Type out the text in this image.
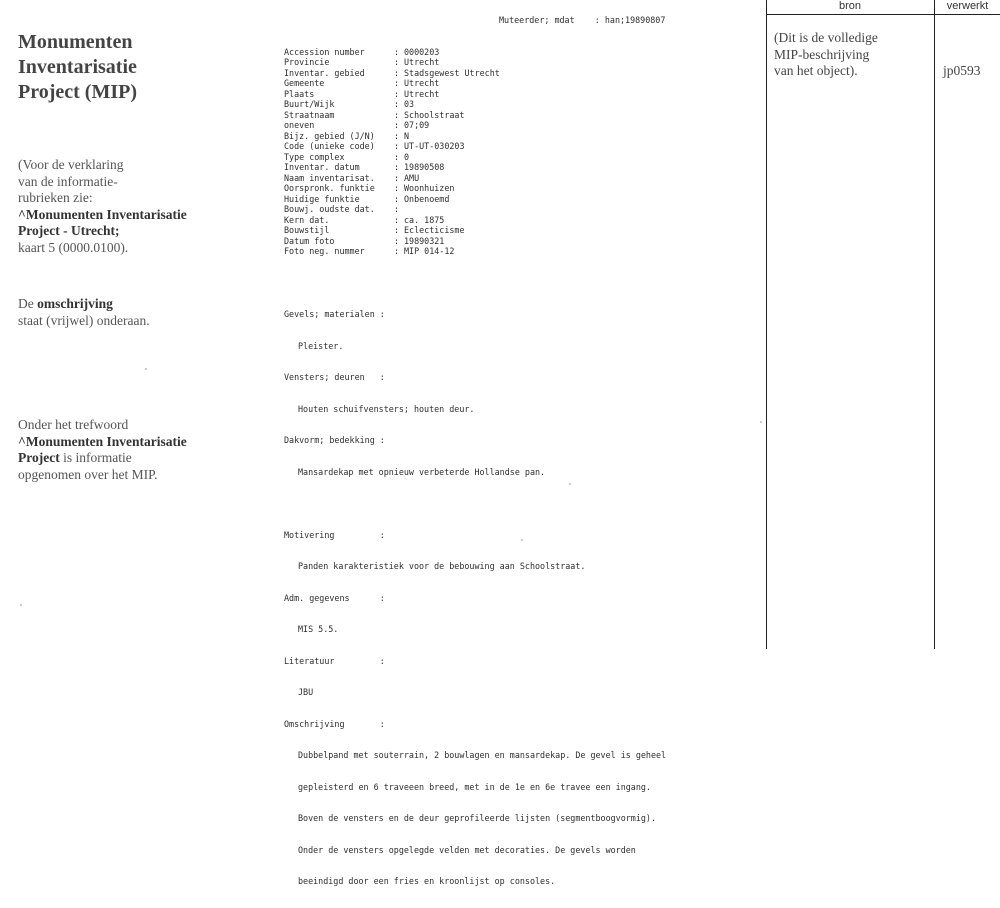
Monumenten
Inventarisatie
Project (MIP)
(Voor de verklaring
van de informatie-
rubrieken zie:
^Monumenten Inventarisatie
Project - Utrecht;
kaart 5 (0000.0100).
De omschrijving
staat (vrijwel) onderaan.
Onder het trefwoord
^Monumenten Inventarisatie
Project is informatie
opgenomen over het MIP.

Muteerder; mdat    : han;19890807

Accession number	: 0000203
Provincie	: Utrecht
Inventar. gebied	: Stadsgewest Utrecht
Gemeente	: Utrecht
Plaats	: Utrecht
Buurt/Wijk	: 03
Straatnaam	: Schoolstraat
oneven	: 07;09
Bijz. gebied (J/N) : N
Code (unieke code) : UT-UT-030203
Type complex	: 0
Inventar. datum	: 19890508
Naam inventarisat. : AMU
Oorspronk. funktie : Woonhuizen
Huidige funktie	: Onbenoemd
Bouwj. oudste dat. :
Kern dat.	: ca. 1875
Bouwstijl	: Eclecticisme
Datum foto	: 19890321
Foto neg. nummer	: MIP 014-12

Gevels; materialen :

Pleister.

Vensters; deuren   :

Houten schuifvensters; houten deur.

Dakvorm; bedekking :

Mansardekap met opnieuw verbeterde Hollandse pan.

Motivering         :

Panden karakteristiek voor de bebouwing aan Schoolstraat.

Adm. gegevens      :

MIS 5.5.

Literatuur         :

JBU

Omschrijving       :

Dubbelpand met souterrain, 2 bouwlagen en mansardekap. De gevel is geheel

gepleisterd en 6 traveeen breed, met in de 1e en 6e travee een ingang.

Boven de vensters en de deur geprofileerde lijsten (segmentboogvormig).

Onder de vensters opgelegde velden met decoraties. De gevels worden

beeindigd door een fries en kroonlijst op consoles.

bron	verwerkt
(Dit is de volledige
MIP-beschrijving
van het object).	jp0593
